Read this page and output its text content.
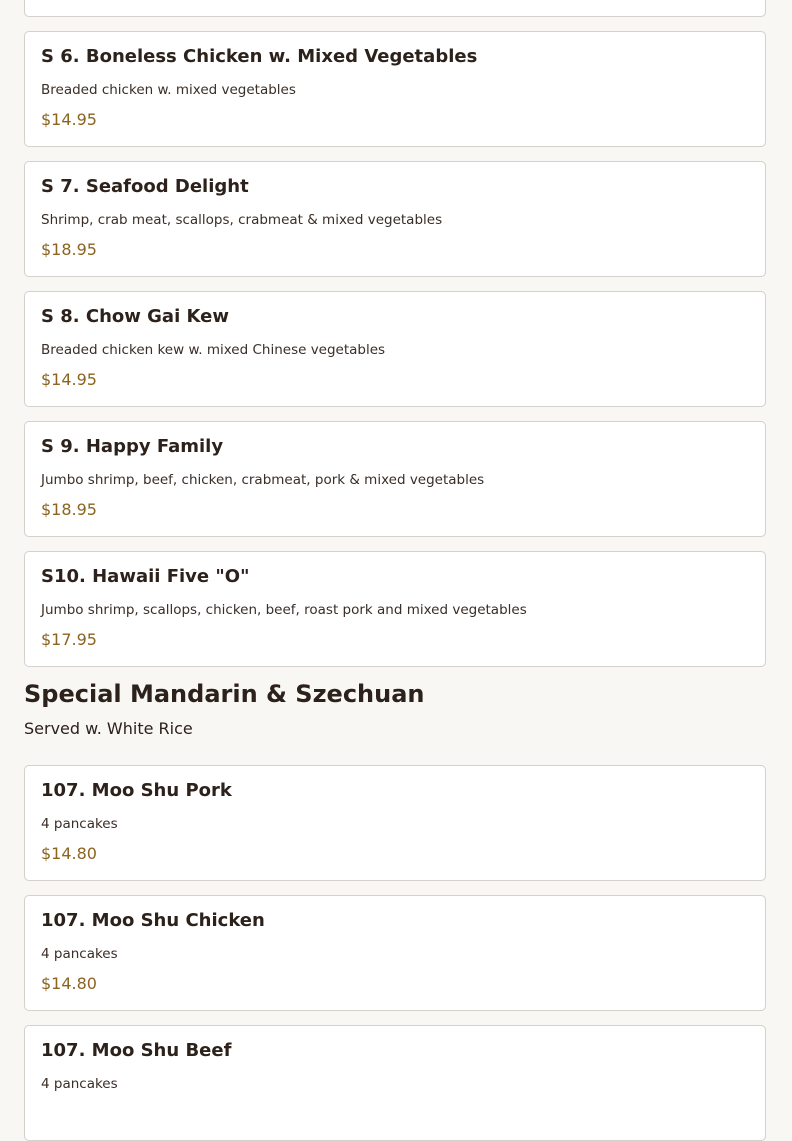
S 6. Boneless Chicken w. Mixed Vegetables
Breaded chicken w. mixed vegetables
$14.95
S 7. Seafood Delight
Shrimp, crab meat, scallops, crabmeat & mixed vegetables
$18.95
S 8. Chow Gai Kew
Breaded chicken kew w. mixed Chinese vegetables
$14.95
S 9. Happy Family
Jumbo shrimp, beef, chicken, crabmeat, pork & mixed vegetables
$18.95
S10. Hawaii Five "O"
Jumbo shrimp, scallops, chicken, beef, roast pork and mixed vegetables
$17.95
Special Mandarin & Szechuan
Served w. White Rice
107. Moo Shu Pork
4 pancakes
$14.80
107. Moo Shu Chicken
4 pancakes
$14.80
107. Moo Shu Beef
4 pancakes
